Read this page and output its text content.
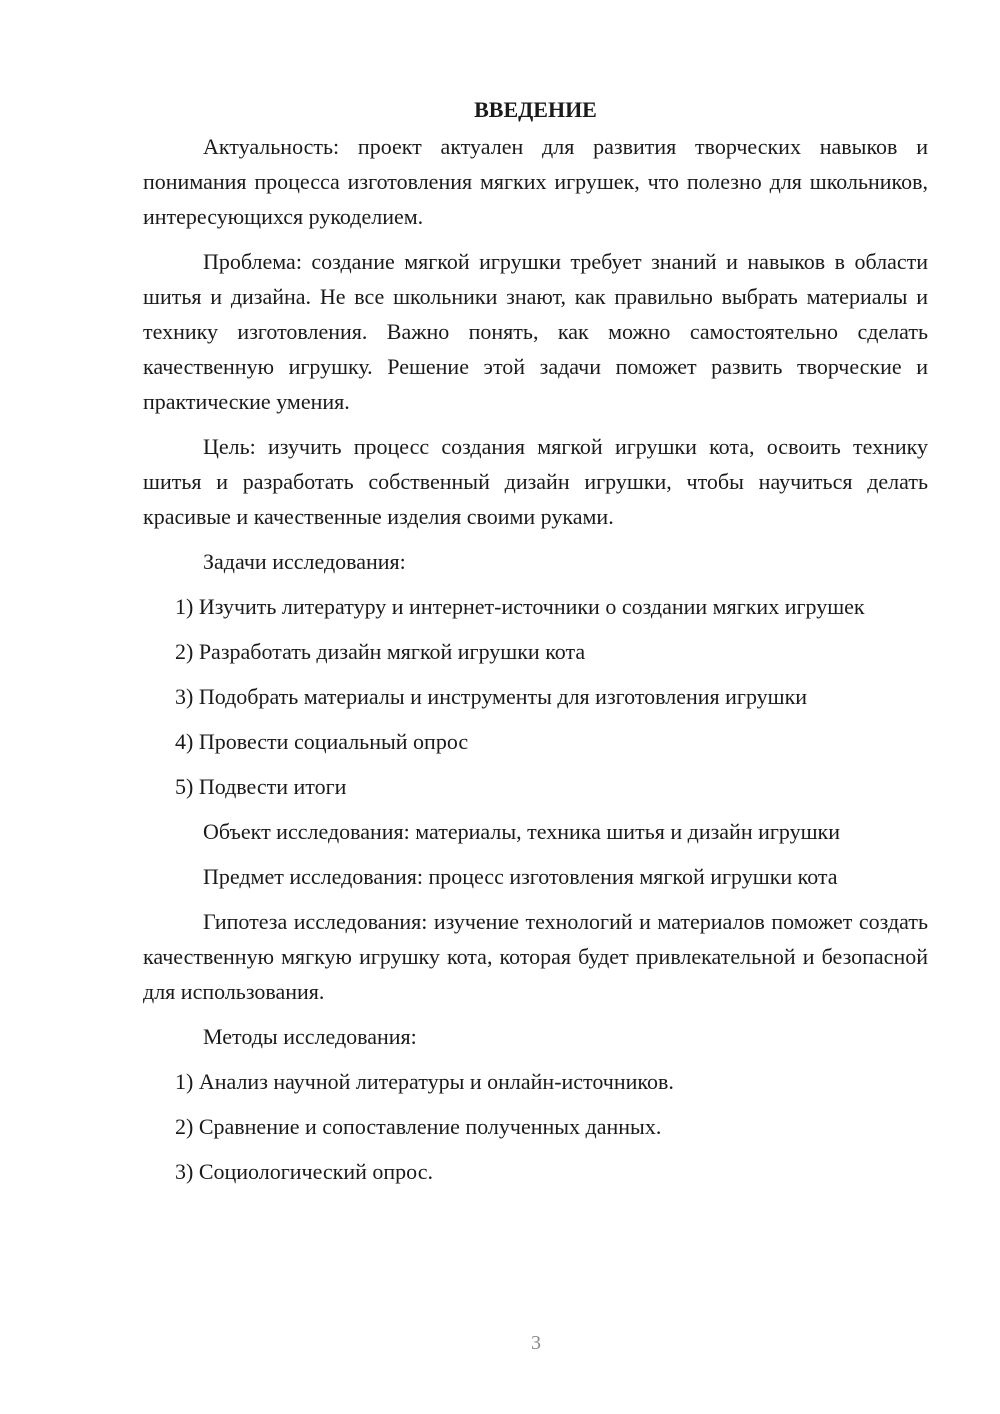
ВВЕДЕНИЕ

Актуальность: проект актуален для развития творческих навыков и понимания процесса изготовления мягких игрушек, что полезно для школьников, интересующихся рукоделием.

Проблема: создание мягкой игрушки требует знаний и навыков в области шитья и дизайна. Не все школьники знают, как правильно выбрать материалы и технику изготовления. Важно понять, как можно самостоятельно сделать качественную игрушку. Решение этой задачи поможет развить творческие и практические умения.

Цель: изучить процесс создания мягкой игрушки кота, освоить технику шитья и разработать собственный дизайн игрушки, чтобы научиться делать красивые и качественные изделия своими руками.

Задачи исследования:
1) Изучить литературу и интернет-источники о создании мягких игрушек
2) Разработать дизайн мягкой игрушки кота
3) Подобрать материалы и инструменты для изготовления игрушки
4) Провести социальный опрос
5) Подвести итоги
Объект исследования: материалы, техника шитья и дизайн игрушки
Предмет исследования: процесс изготовления мягкой игрушки кота

Гипотеза исследования: изучение технологий и материалов поможет создать качественную мягкую игрушку кота, которая будет привлекательной и безопасной для использования.

Методы исследования:
1) Анализ научной литературы и онлайн-источников.
2) Сравнение и сопоставление полученных данных.
3) Социологический опрос.
3
